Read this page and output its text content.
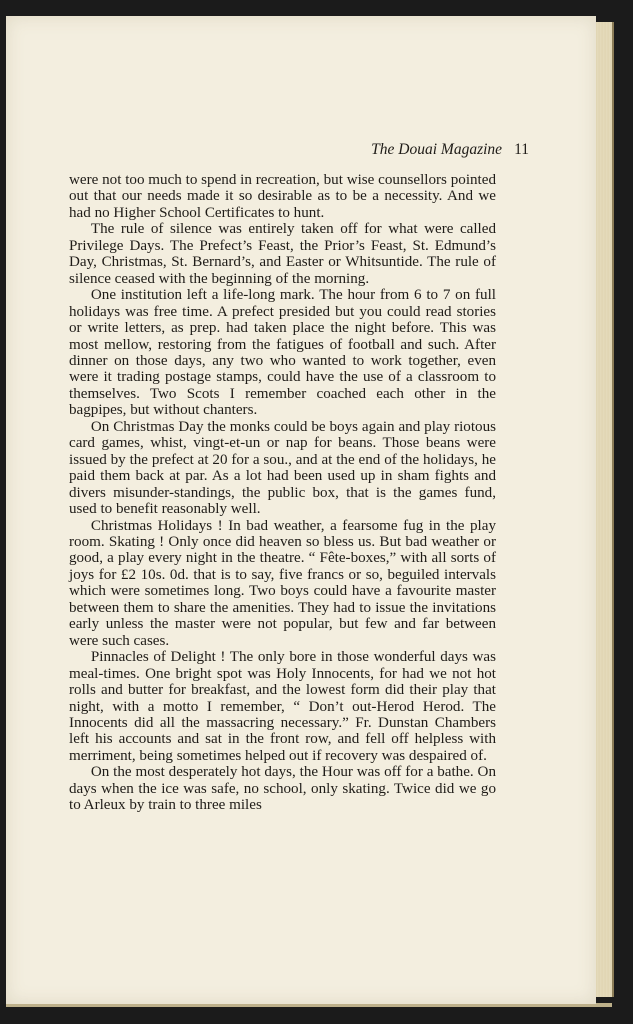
The Douai Magazine 11

were not too much to spend in recreation, but wise counsellors pointed out that our needs made it so desirable as to be a necessity. And we had no Higher School Certificates to hunt.

The rule of silence was entirely taken off for what were called Privilege Days. The Prefect’s Feast, the Prior’s Feast, St. Edmund’s Day, Christmas, St. Bernard’s, and Easter or Whitsuntide. The rule of silence ceased with the beginning of the morning.

One institution left a life-long mark. The hour from 6 to 7 on full holidays was free time. A prefect presided but you could read stories or write letters, as prep. had taken place the night before. This was most mellow, restoring from the fatigues of football and such. After dinner on those days, any two who wanted to work together, even were it trading postage stamps, could have the use of a classroom to themselves. Two Scots I remember coached each other in the bagpipes, but without chanters.

On Christmas Day the monks could be boys again and play riotous card games, whist, vingt-et-un or nap for beans. Those beans were issued by the prefect at 20 for a sou., and at the end of the holidays, he paid them back at par. As a lot had been used up in sham fights and divers misunder-standings, the public box, that is the games fund, used to benefit reasonably well.

Christmas Holidays ! In bad weather, a fearsome fug in the play room. Skating ! Only once did heaven so bless us. But bad weather or good, a play every night in the theatre. “ Fête-boxes,” with all sorts of joys for £2 10s. 0d. that is to say, five francs or so, beguiled intervals which were sometimes long. Two boys could have a favourite master between them to share the amenities. They had to issue the invitations early unless the master were not popular, but few and far between were such cases.

Pinnacles of Delight ! The only bore in those wonderful days was meal-times. One bright spot was Holy Innocents, for had we not hot rolls and butter for breakfast, and the lowest form did their play that night, with a motto I remember, “ Don’t out-Herod Herod. The Innocents did all the massacring necessary.” Fr. Dunstan Chambers left his accounts and sat in the front row, and fell off helpless with merriment, being sometimes helped out if recovery was despaired of.

On the most desperately hot days, the Hour was off for a bathe. On days when the ice was safe, no school, only skating. Twice did we go to Arleux by train to three miles
